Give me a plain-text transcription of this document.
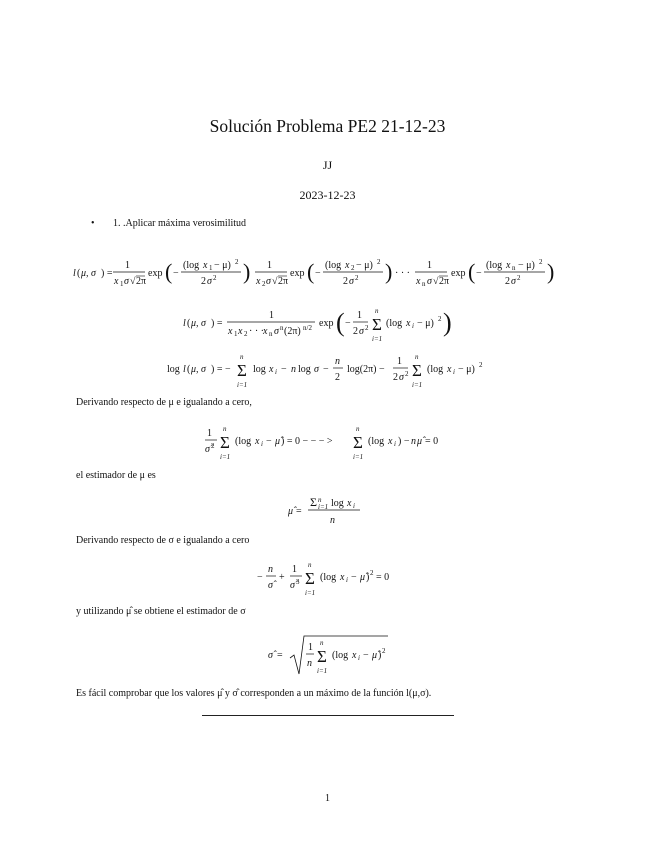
Solución Problema PE2 21-12-23
JJ
2023-12-23
• 1. .Aplicar máxima verosimilitud
l ( μ, σ ) =
1
x 1 σ √ 2π
exp ( −
(log x 1 − μ) 2
2 σ 2 ) 1
x 2 σ √ 2π
exp ( −
(log x 2 − μ) 2
2 σ 2 ) · · ·
1
x n σ √ 2π
exp ( −
(log x n − μ) 2
2 σ 2 )
l ( μ, σ ) =
1
x 1 x 2 · · · x n σ n (2π) n/2 exp ( −
1
2 σ 2 Σ
n
i=1
(log x i − μ) 2 )
log l ( μ, σ ) = − Σ
n
i=1
log x i − n log σ −
n
2
log(2π) −
1
2 σ 2 Σ
n
i=1
(log x i − μ) 2
Derivando respecto de μ e igualando a cero,
1
σ̂ 2 Σ
n
i=1
(log x i − μ̂ ) = 0 − − − > Σ
n
i=1
(log x i ) − n μ̂ = 0
el estimador de μ es
μ̂ =
Σ n
i=1 log x i
n
Derivando respecto de σ e igualando a cero
−
n
σ̂
+
1
σ̂ 3 Σ
n
i=1
(log x i − μ̂ ) 2 = 0
y utilizando μ̂ se obtiene el estimador de σ
σ̂ =
1
n Σ
n
i=1
(log x i − μ̂ ) 2
Es fácil comprobar que los valores μ̂ y σ̂ corresponden a un máximo de la función l(μ,σ).
1
